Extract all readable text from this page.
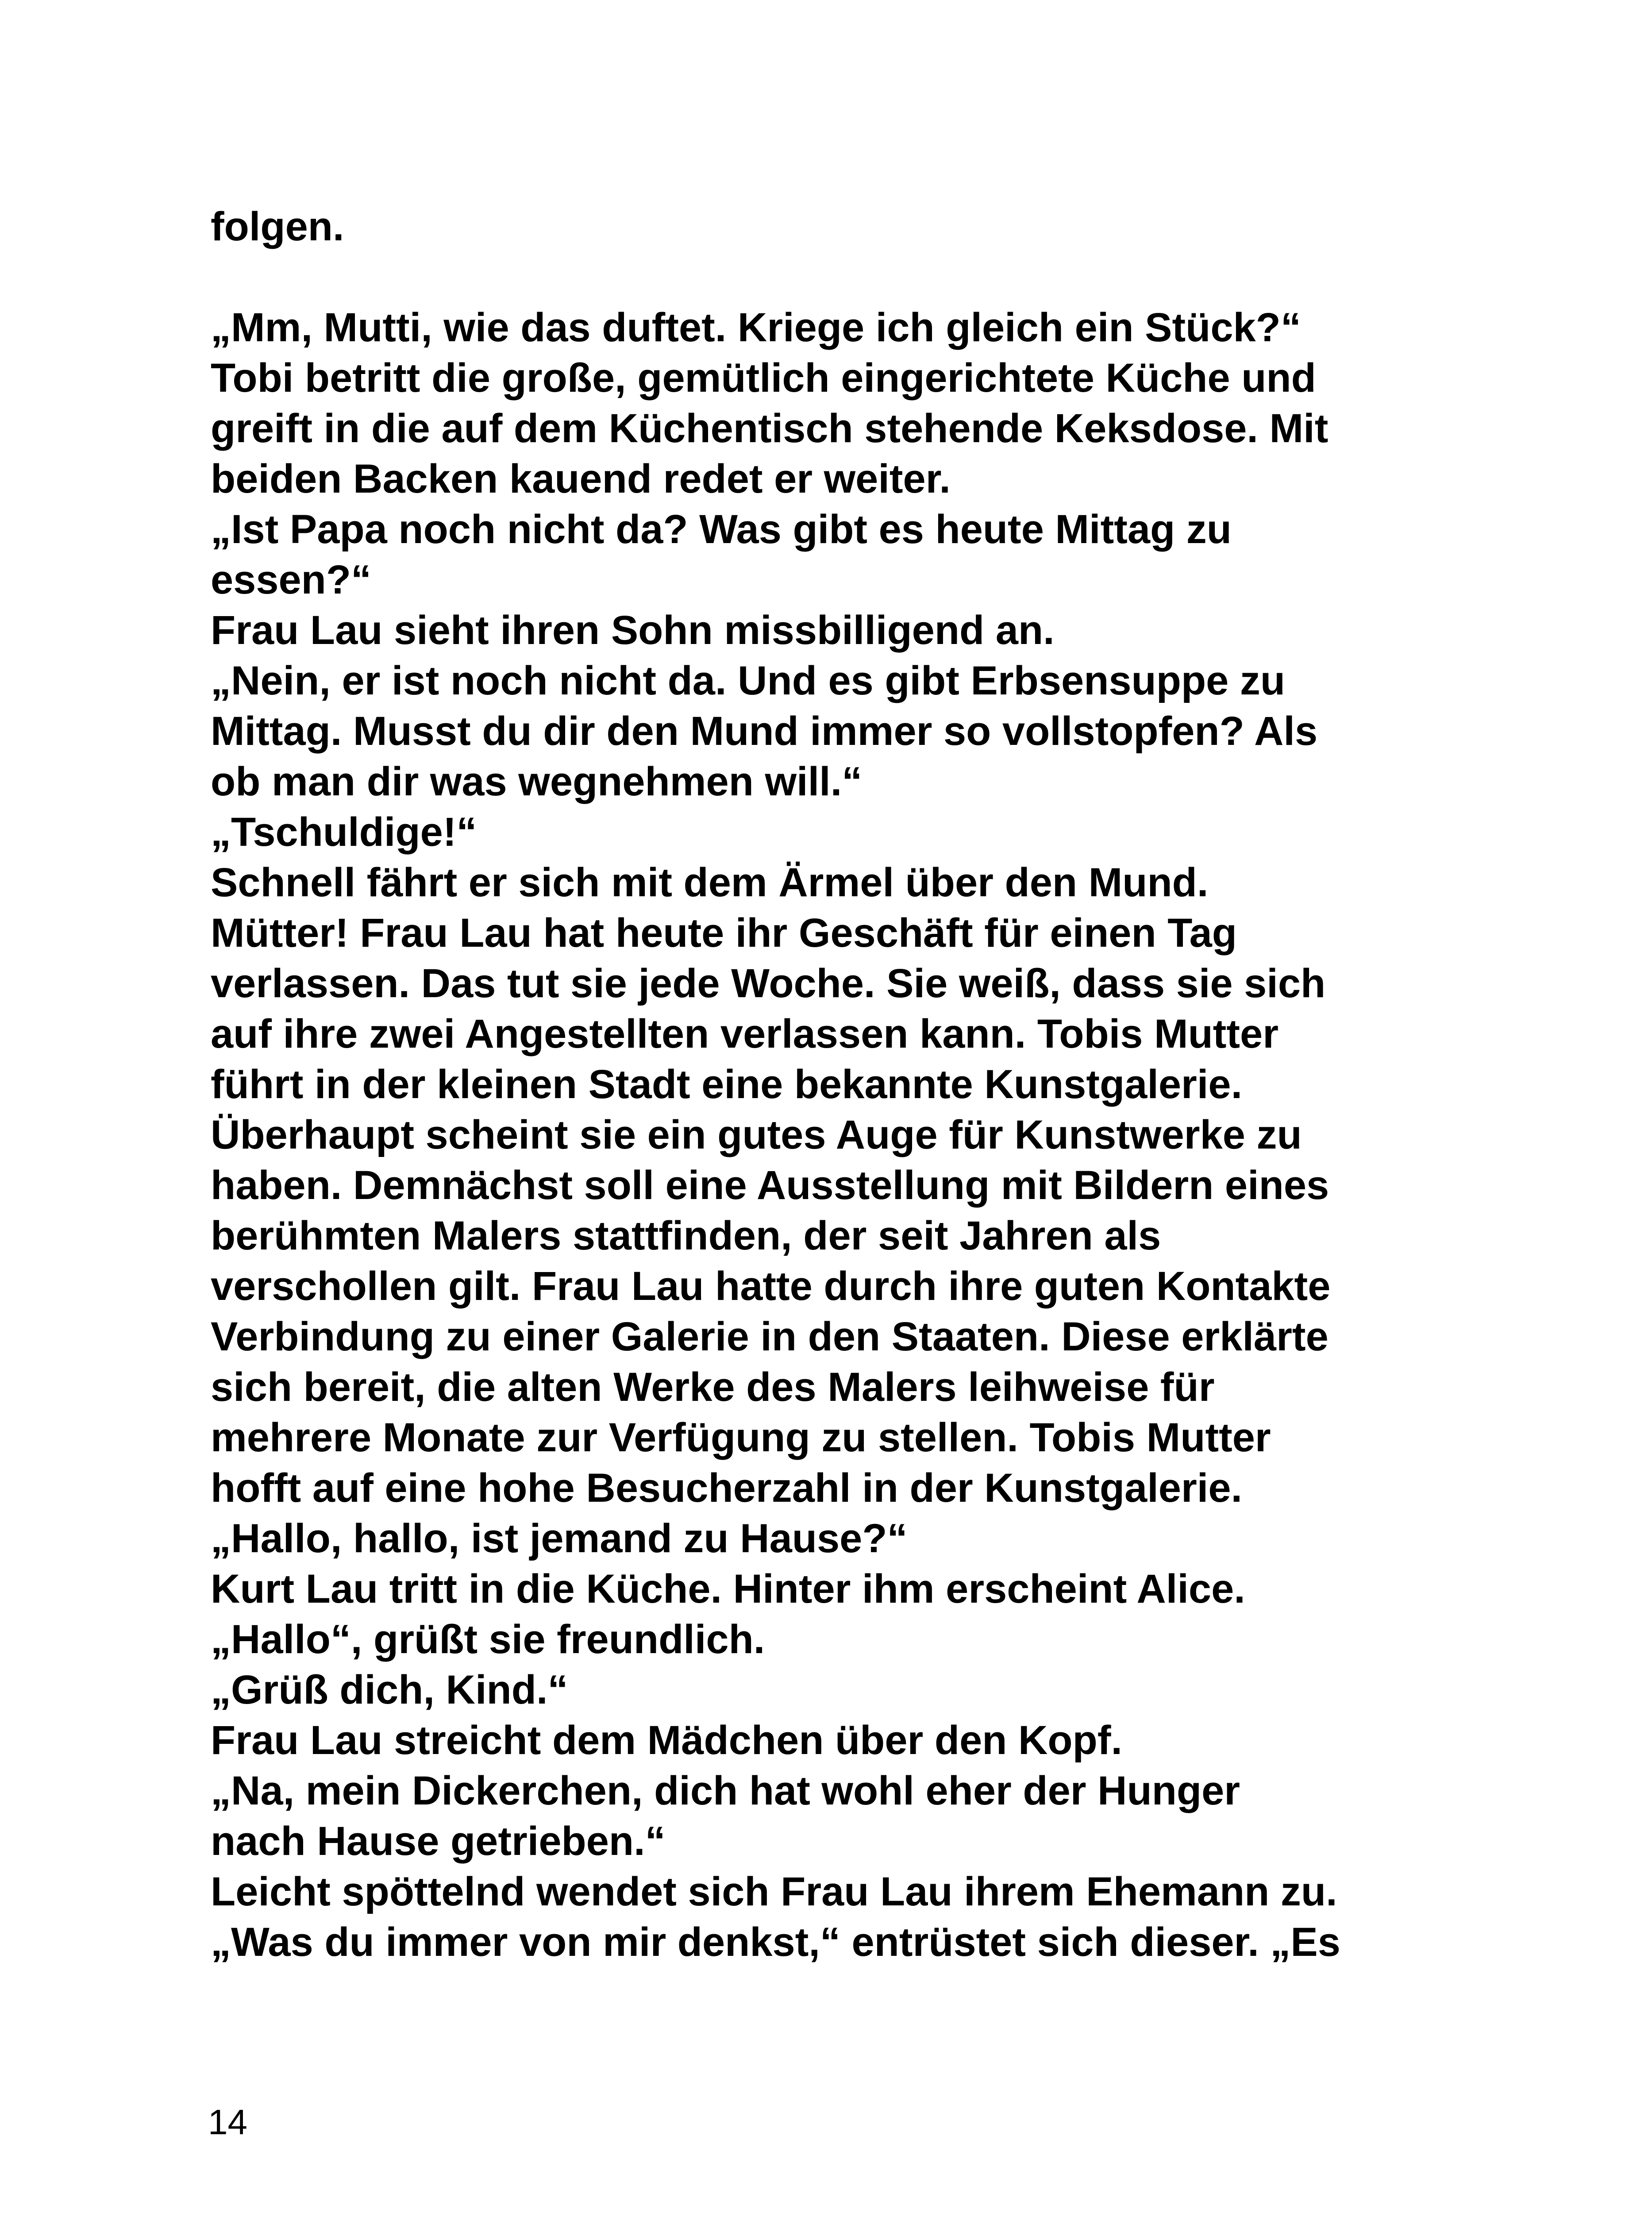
folgen.
„Mm, Mutti, wie das duftet. Kriege ich gleich ein Stück?“
Tobi betritt die große, gemütlich eingerichtete Küche und
greift in die auf dem Küchentisch stehende Keksdose. Mit
beiden Backen kauend redet er weiter.
„Ist Papa noch nicht da? Was gibt es heute Mittag zu
essen?“
Frau Lau sieht ihren Sohn missbilligend an.
„Nein, er ist noch nicht da. Und es gibt Erbsensuppe zu
Mittag. Musst du dir den Mund immer so vollstopfen? Als
ob man dir was wegnehmen will.“
„Tschuldige!“
Schnell fährt er sich mit dem Ärmel über den Mund.
Mütter! Frau Lau hat heute ihr Geschäft für einen Tag
verlassen. Das tut sie jede Woche. Sie weiß, dass sie sich
auf ihre zwei Angestellten verlassen kann. Tobis Mutter
führt in der kleinen Stadt eine bekannte Kunstgalerie.
Überhaupt scheint sie ein gutes Auge für Kunstwerke zu
haben. Demnächst soll eine Ausstellung mit Bildern eines
berühmten Malers stattfinden, der seit Jahren als
verschollen gilt. Frau Lau hatte durch ihre guten Kontakte
Verbindung zu einer Galerie in den Staaten. Diese erklärte
sich bereit, die alten Werke des Malers leihweise für
mehrere Monate zur Verfügung zu stellen. Tobis Mutter
hofft auf eine hohe Besucherzahl in der Kunstgalerie.
„Hallo, hallo, ist jemand zu Hause?“
Kurt Lau tritt in die Küche. Hinter ihm erscheint Alice.
„Hallo“, grüßt sie freundlich.
„Grüß dich, Kind.“
Frau Lau streicht dem Mädchen über den Kopf.
„Na, mein Dickerchen, dich hat wohl eher der Hunger
nach Hause getrieben.“
Leicht spöttelnd wendet sich Frau Lau ihrem Ehemann zu.
„Was du immer von mir denkst,“ entrüstet sich dieser. „Es
14
